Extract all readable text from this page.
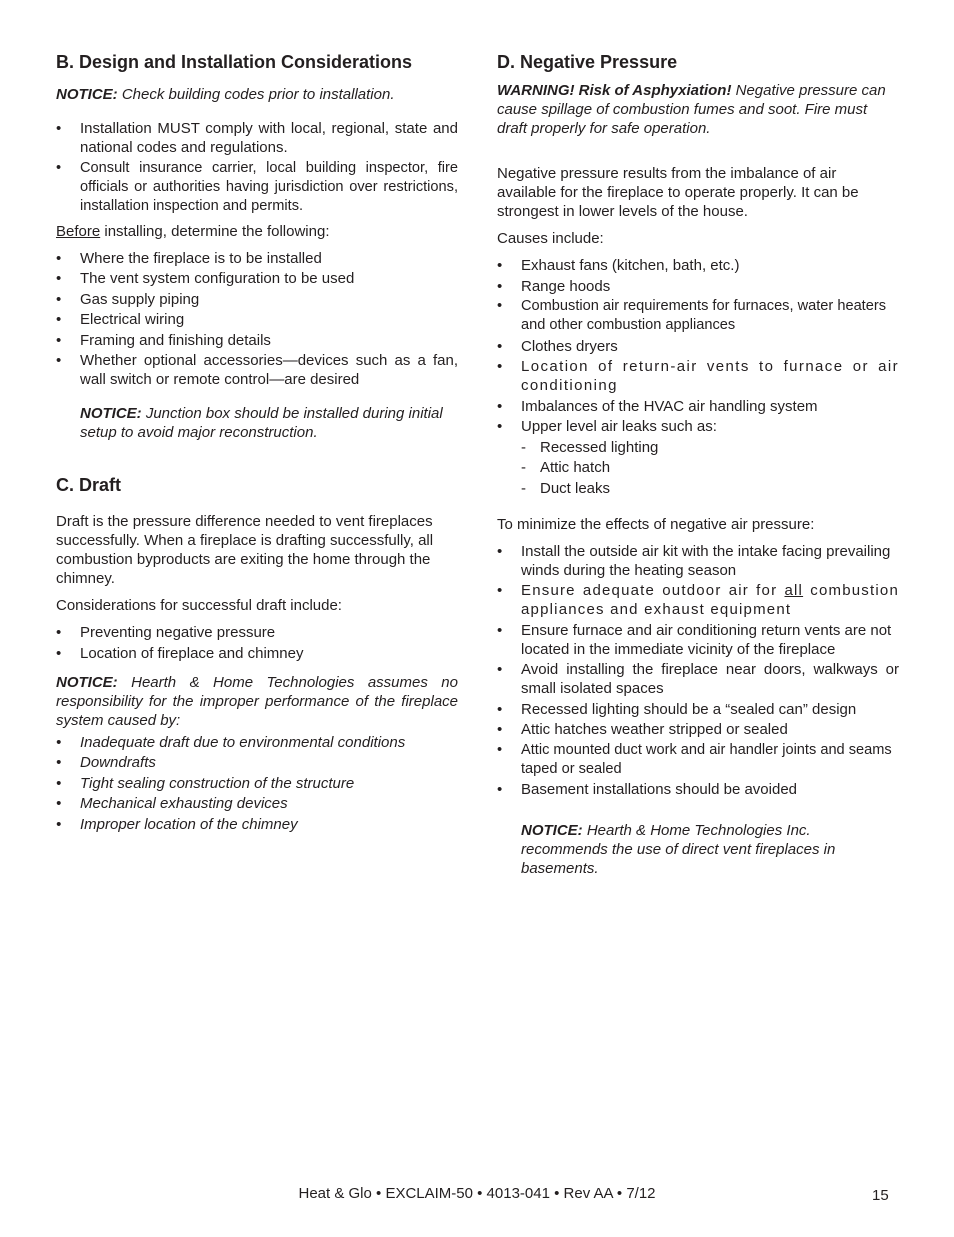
B. Design and Installation Considerations

NOTICE: Check building codes prior to installation.

• Installation MUST comply with local, regional, state and national codes and regulations.
• Consult insurance carrier, local building inspector, fire officials or authorities having jurisdiction over restrictions, installation inspection and permits.

Before installing, determine the following:

• Where the fireplace is to be installed
• The vent system configuration to be used
• Gas supply piping
• Electrical wiring
• Framing and finishing details
• Whether optional accessories—devices such as a fan, wall switch or remote control—are desired

NOTICE: Junction box should be installed during initial setup to avoid major reconstruction.

C. Draft

Draft is the pressure difference needed to vent fireplaces successfully. When a fireplace is drafting successfully, all combustion byproducts are exiting the home through the chimney.

Considerations for successful draft include:

• Preventing negative pressure
• Location of fireplace and chimney

NOTICE: Hearth & Home Technologies assumes no responsibility for the improper performance of the fireplace system caused by:

• Inadequate draft due to environmental conditions
• Downdrafts
• Tight sealing construction of the structure
• Mechanical exhausting devices
• Improper location of the chimney
D. Negative Pressure

WARNING! Risk of Asphyxiation! Negative pressure can cause spillage of combustion fumes and soot. Fire must draft properly for safe operation.

Negative pressure results from the imbalance of air available for the fireplace to operate properly. It can be strongest in lower levels of the house.

Causes include:

• Exhaust fans (kitchen, bath, etc.)
• Range hoods
• Combustion air requirements for furnaces, water heaters and other combustion appliances
• Clothes dryers
• Location of return-air vents to furnace or air conditioning
• Imbalances of the HVAC air handling system
• Upper level air leaks such as:
- Recessed lighting
- Attic hatch
- Duct leaks

To minimize the effects of negative air pressure:

• Install the outside air kit with the intake facing prevailing winds during the heating season
• Ensure adequate outdoor air for all combustion appliances and exhaust equipment
• Ensure furnace and air conditioning return vents are not located in the immediate vicinity of the fireplace
• Avoid installing the fireplace near doors, walkways or small isolated spaces
• Recessed lighting should be a “sealed can” design
• Attic hatches weather stripped or sealed
• Attic mounted duct work and air handler joints and seams taped or sealed
• Basement installations should be avoided

NOTICE: Hearth & Home Technologies Inc. recommends the use of direct vent fireplaces in basements.

Heat & Glo • EXCLAIM-50 • 4013-041 • Rev AA • 7/12	15
